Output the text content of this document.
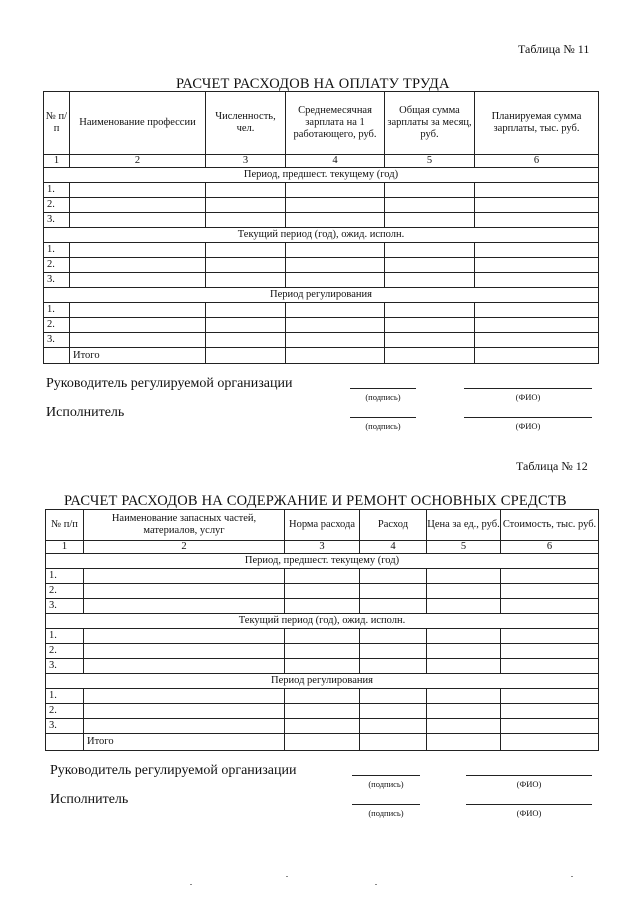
Таблица № 11
РАСЧЕТ РАСХОДОВ НА ОПЛАТУ ТРУДА
№ п/п	Наименование профессии	Численность, чел.	Среднемесячная зарплата на 1 работающего, руб.	Общая сумма зарплаты за месяц, руб.	Планируемая сумма зарплаты, тыс. руб.
1	2	3	4	5	6
Период, предшест. текущему (год)					
1.					
2.					
3.					
Текущий период (год), ожид. исполн.					
1.					
2.					
3.					
Период регулирования					
1.					
2.					
3.					
	Итого				
Руководитель регулируемой организации
(подпись)	(ФИО)
Исполнитель
(подпись)	(ФИО)
Таблица № 12
РАСЧЕТ РАСХОДОВ НА СОДЕРЖАНИЕ И РЕМОНТ ОСНОВНЫХ СРЕДСТВ
№ п/п	Наименование запасных частей, материалов, услуг	Норма расхода	Расход	Цена за ед., руб.	Стоимость, тыс. руб.
1	2	3	4	5	6
Период, предшест. текущему (год)					
1.					
2.					
3.					
Текущий период (год), ожид. исполн.					
1.					
2.					
3.					
Период регулирования					
1.					
2.					
3.					
	Итого				
Руководитель регулируемой организации
(подпись)	(ФИО)
Исполнитель
(подпись)	(ФИО)
